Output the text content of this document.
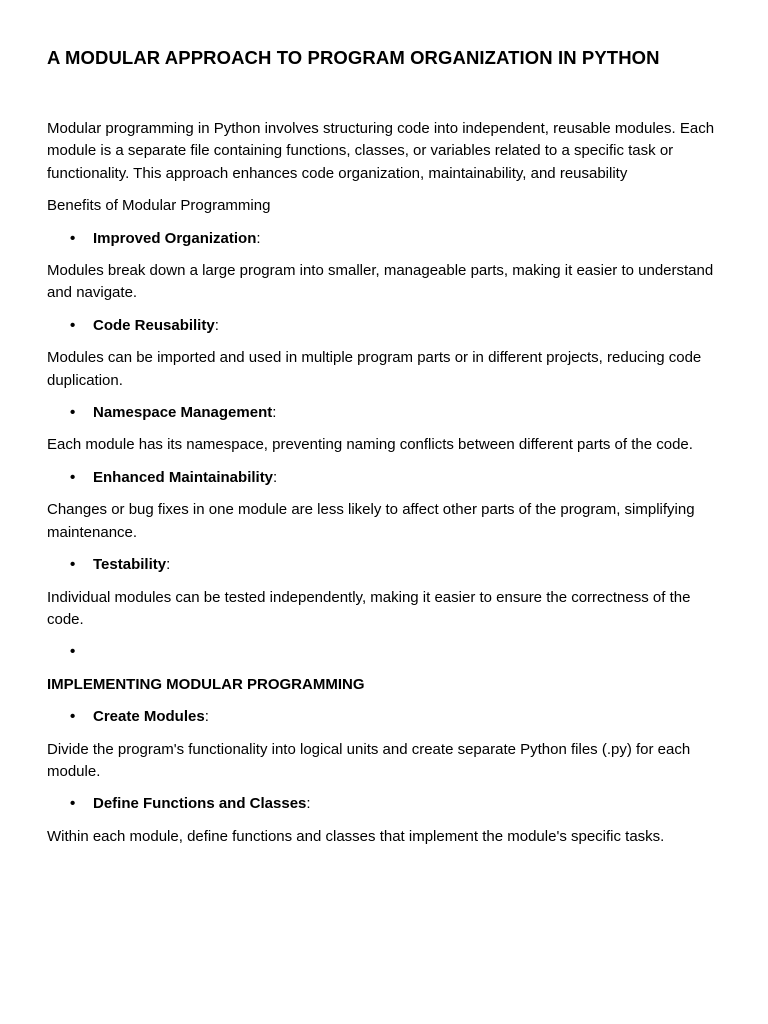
A MODULAR APPROACH TO PROGRAM ORGANIZATION IN PYTHON

Modular programming in Python involves structuring code into independent, reusable modules. Each module is a separate file containing functions, classes, or variables related to a specific task or functionality. This approach enhances code organization, maintainability, and reusability

Benefits of Modular Programming

• Improved Organization:

Modules break down a large program into smaller, manageable parts, making it easier to understand and navigate.

• Code Reusability:

Modules can be imported and used in multiple program parts or in different projects, reducing code duplication.

• Namespace Management:

Each module has its namespace, preventing naming conflicts between different parts of the code.

• Enhanced Maintainability:

Changes or bug fixes in one module are less likely to affect other parts of the program, simplifying maintenance.

• Testability:

Individual modules can be tested independently, making it easier to ensure the correctness of the code.

•

IMPLEMENTING MODULAR PROGRAMMING

• Create Modules:

Divide the program's functionality into logical units and create separate Python files (.py) for each module.

• Define Functions and Classes:

Within each module, define functions and classes that implement the module's specific tasks.
